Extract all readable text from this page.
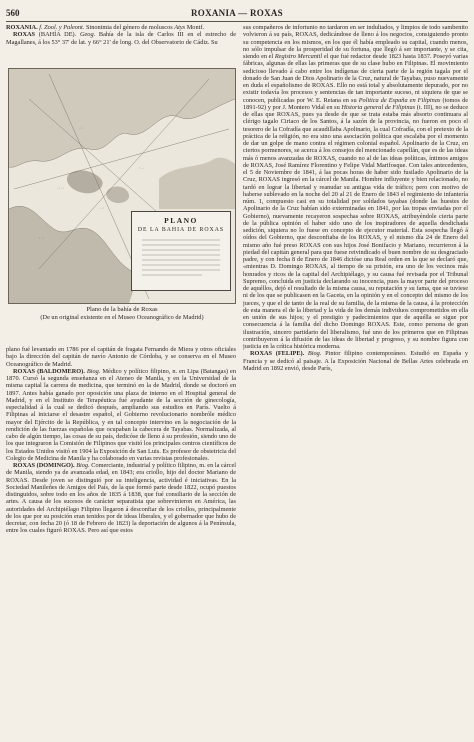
560	ROXANIA — ROXAS

ROXANIA. f. Zool. y Paleont. Sinonimia del género de moluscos Atys Montf.

ROXAS (BAHÍA DE). Geog. Bahía de la isla de Carlos III en el estrecho de Magallanes, á los 53° 37′ de lat. y 66° 21′ de long. O. del Observatorio de Cádiz. Su

. : . :
. . :
: . .
. : .
: . :
PLANO
DE LA BAHIA DE ROXAS
Plano de la bahía de Roxas
(De un original existente en el Museo Oceanográfico de Madrid)

plano fué levantado en 1786 por el capitán de fragata Fernando de Miera y otros oficiales bajo la dirección del capitán de navío Antonio de Córdoba, y se conserva en el Museo Oceanográfico de Madrid.

ROXAS (BALDOMERO). Biog. Médico y político filipino, n. en Lipa (Batangas) en 1870. Cursó la segunda enseñanza en el Ateneo de Manila, y en la Universidad de la misma capital la carrera de medicina, que terminó en la de Madrid, donde se doctoró en 1897. Antes había ganado por oposición una plaza de interno en el Hospital general de Madrid, y en el Instituto de Terapéutica fué ayudante de la sección de ginecología, especialidad á la cual se dedicó después, ampliando sus estudios en París. Vuelto á Filipinas al iniciarse el desastre español, el Gobierno revolucionario nombróle médico mayor del Ejército de la República, y en tal concepto intervino en la negociación de la rendición de las fuerzas españolas que ocupaban la cabecera de Tayabas. Normalizada, al cabo de algún tiempo, las cosas de su país, dedicóse de lleno á su profesión, siendo uno de los que integraron la Comisión de Filipinos que visitó los principales centros científicos de los Estados Unidos visitó en 1904 la Exposición de San Luis. Es profesor de obstetricia del Colegio de Medicina de Manila y ha colaborado en varias revistas profesionales.

ROXAS (DOMINGO). Biog. Comerciante, industrial y político filipino, m. en la cárcel de Manila, siendo ya de avanzada edad, en 1843; era criollo, hijo del doctor Mariano de ROXAS. Desde joven se distinguió por su inteligencia, actividad é iniciativas. En la Sociedad Manileñes de Amigos del País, de la que formó parte desde 1822, ocupó puestos distinguidos, sobre todo en los años de 1835 á 1838, que fué consiliario de la sección de artes. A causa de los sucesos de carácter separatista que sobrevinieron en América, las autoridades del Archipiélago Filipino llegaron á desconfiar de los criollos, principalmente de los que por su posición eran tenidos por de ideas liberales, y el gobernador que hubo de decretar, con fecha 20 (ó 18 de Febrero de 1823) la deportación de algunos á la Península, entre los cuales figuró ROXAS. Pero así que estos

sus compañeros de infortunio no tardaron en ser indultados, y limpios de todo sambenito volvieron á su país, ROXAS, dedicándose de lleno á los negocios, consiguiendo pronto su competencia en los mismos, en los que él había empleado su capital, cuando menos, no sólo impulsar de la prosperidad de su fortuna, que llegó á ser importante, y se cita, siendo en el Registro Mercantil el que fué redactor desde 1823 hasta 1837. Poseyó varias fábricas, algunas de ellas las primeras que de su clase hubo en Filipinas. El movimiento sedicioso llevado á cabo entre los indígenas de cierta parte de la región tagala por el donado de San Juan de Dios Apolinario de la Cruz, natural de Tayabas, puso nuevamente en duda el españolismo de ROXAS. Ello no está total y absolutamente depurado, por no existir todavía los procesos y sentencias de tan importante suceso, ni siquiera de que se conocen, publicadas por W. E. Retana en su Politica de España en Filipinas (tomos de 1891-92) y por J. Montero Vidal en su Historia general de Filipinas (t. III), no se deduce de ellas que ROXAS, pues ya desde de que se trata estaba más absorto continuara al clérigo tagalo Ciriaco de los Santos, á la sazón de la provincia, no fueron en poco el tesorero de la Cofradía que acaudillaba Apolinario, la cual Cofradía, con el pretexto de la práctica de la religión, no era sino una asociación política que escalaba por el momento de dar un golpe de mano contra el régimen colonial español. Apolinario de la Cruz, en ciertos pormenores, se acerca á los consejos del mencionado capellán, que es de las ideas más ó menos avanzadas de ROXAS, cuando no al de las ideas políticas, íntimos amigos de ROXAS, José Ramírez Florentino y Felipe Vidal Marifosque. Con tales antecedentes, el 5 de Noviembre de 1841, á las pocas horas de haber sido fusilado Apolinario de la Cruz, ROXAS ingresó en la cárcel de Manila. Hombre influyente y bien relacionado, no tardó en lograr la libertad y reanudar su antigua vida de tráfico; pero con motivo de haberse sublevado en la noche del 20 al 21 de Enero de 1843 el regimiento de infantería núm. 1, compuesto casi en su totalidad por soldados tayabas (donde las huestes de Apolinario de la Cruz habían sido exterminadas en 1841, por las tropas enviadas por el Gobierno), nuevamente recayeron sospechas sobre ROXAS, atribuyéndole cierta parte de la pública opinión el haber sido uno de los inspiradores de aquella desdichada sedición, siquiera no lo fuese en concepto de ejecutor material. Esta sospecha llegó á oídos del Gobierno, que desconfiaba de los ROXAS, y el mismo día 24 de Enero del mismo año fué preso ROXAS con sus hijos José Bonifacio y Mariano, recurrieron á la piedad del capitán general para que fuese reivindicado el buen nombre de su desgraciado padre, y con fecha 8 de Enero de 1846 dictóse una Real orden en la que se declaró que, «mientras D. Domingo ROXAS, al tiempo de su prisión, era uno de los vecinos más honrados y ricos de la capital del Archipiélago, y su causa fué revisada por el Tribunal Supremo, concluida en justicia declarando su inocencia, pues la mayor parte del proceso de aquéllos, dejó el resultado de la misma causa, su reputación y su fama, que se tuviese ni de los que se publicasen en la Gaceta, en la opinión y en el concepto del mismo de los jueces, y que el de tanto de la real de su familia, de la misma de la causa, á la protección de esta manera el de la libertad y la vida de los demás individuos comprometidos en ella en unión de sus hijos; y el prestigio y padecimientos que de aquélla se sigue por consecuencia á la familia del dicho Domingo ROXAS. Este, como persona de gran ilustración, sincero partidario del liberalismo, fué uno de los primeros que en Filipinas contribuyeron á la difusión de las ideas de libertad y progreso, y su nombre figura con justicia en la crítica histórica moderna.

ROXAS (FELIPE). Biog. Pintor filipino contemporáneo. Estudió en España y Francia y se dedicó al paisaje. A la Exposición Nacional de Bellas Artes celebrada en Madrid en 1892 envió, desde París,
